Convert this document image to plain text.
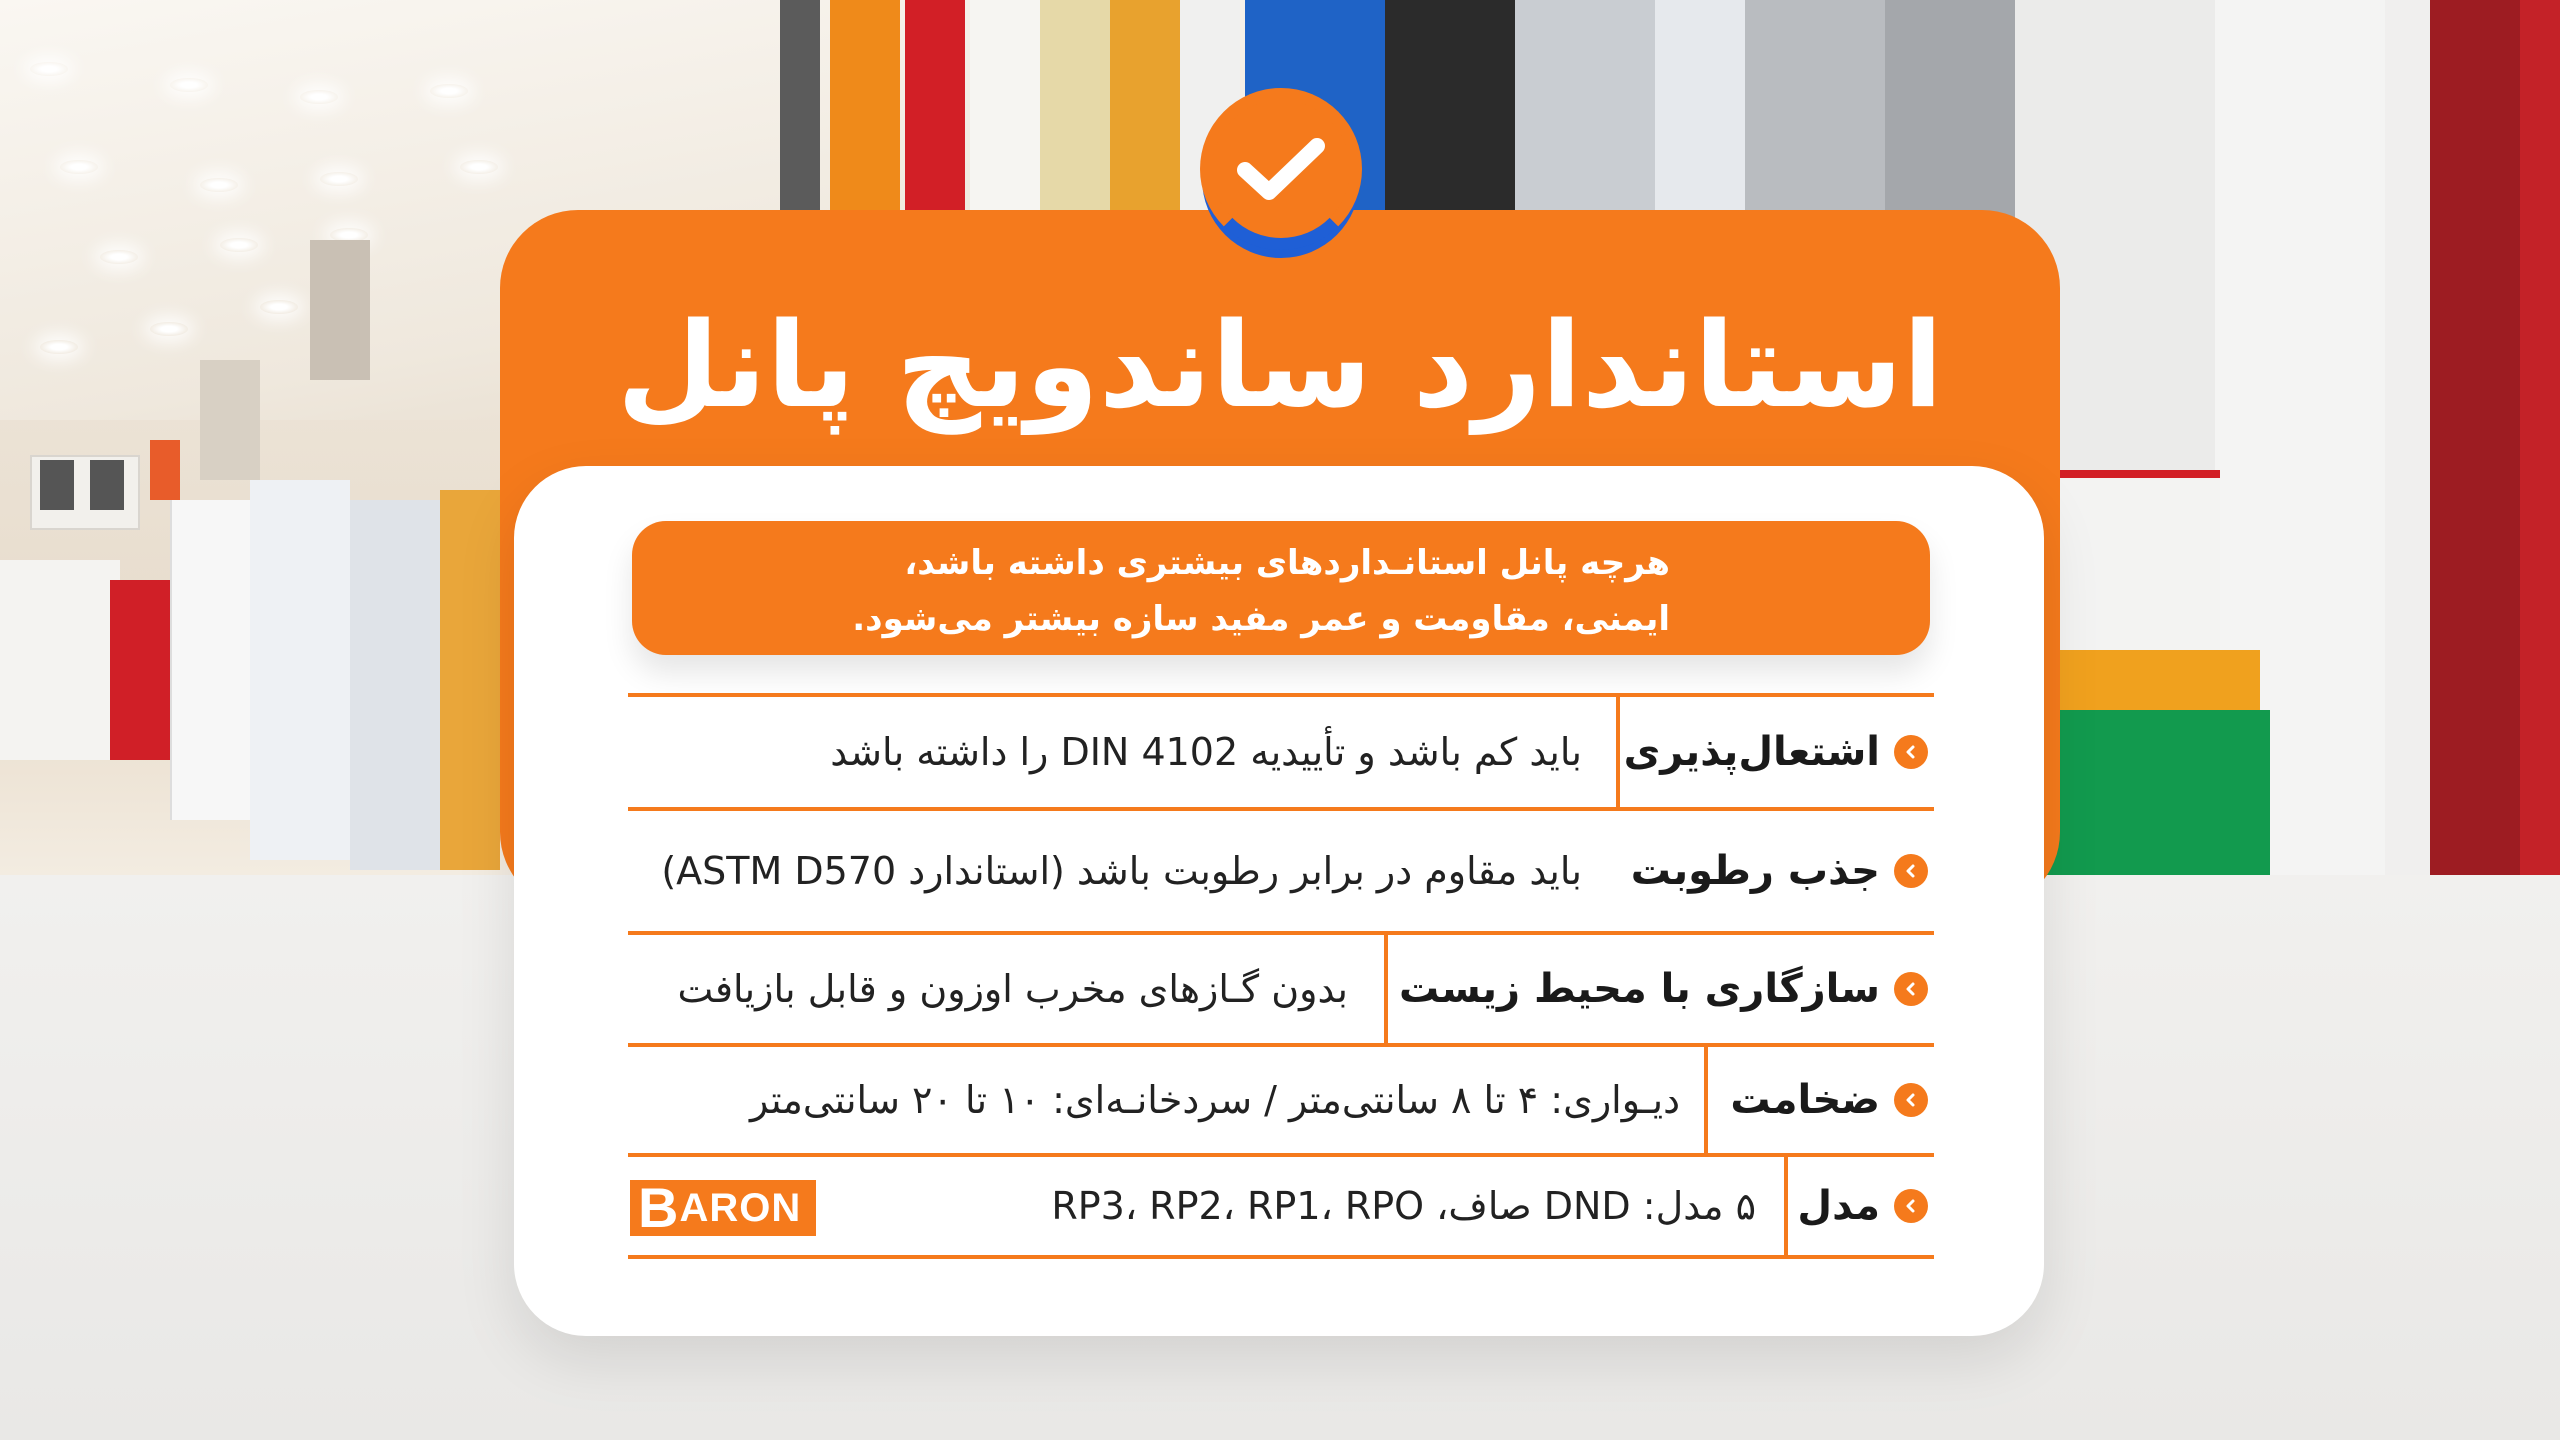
استاندارد ساندویچ پانل
هرچه پانل استانـداردهای بیشتری داشته باشد،
ایمنی، مقاومت و عمر مفید سازه بیشتر می‌شود.
اشتعال‌پذیری
باید کم باشد و تأییدیه DIN 4102 را داشته باشد
جذب رطوبت
باید مقاوم در برابر رطوبت باشد (استاندارد ASTM D570)
سازگاری با محیط زیست
بدون گـازهای مخرب اوزون و قابل بازیافت
ضخامت
دیـواری: ۴ تا ۸ سانتی‌متر / سردخانـه‌ای: ۱۰ تا ۲۰ سانتی‌متر
مدل
۵ مدل: DND صاف، RP3، RP2، RP1، RPO
B ARON
